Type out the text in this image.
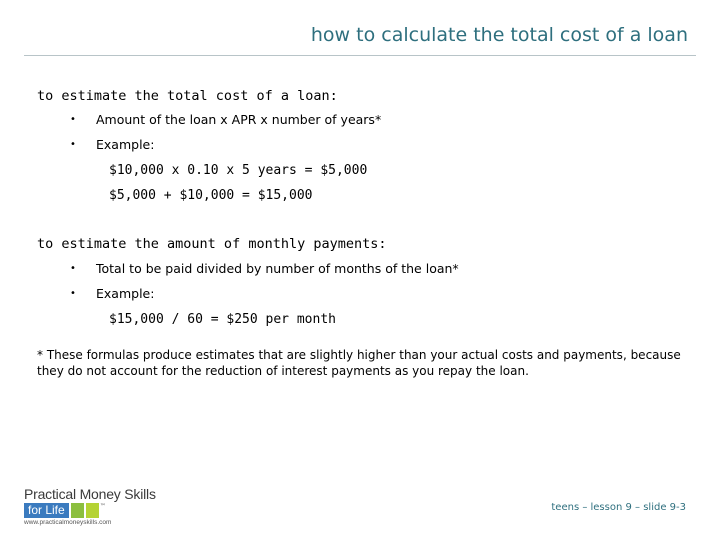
how to calculate the total cost of a loan
to estimate the total cost of a loan:
•	Amount of the loan x APR x number of years*
•	Example:
$10,000 x 0.10 x 5 years = $5,000
$5,000 + $10,000 = $15,000
to estimate the amount of monthly payments:
•	Total to be paid divided by number of months of the loan*
•	Example:
$15,000 / 60 = $250 per month
* These formulas produce estimates that are slightly higher than your actual costs and payments, because they do not account for the reduction of interest payments as you repay the loan.
Practical Money Skills
for Life	™
www.practicalmoneyskills.com
teens – lesson 9 – slide 9-3
